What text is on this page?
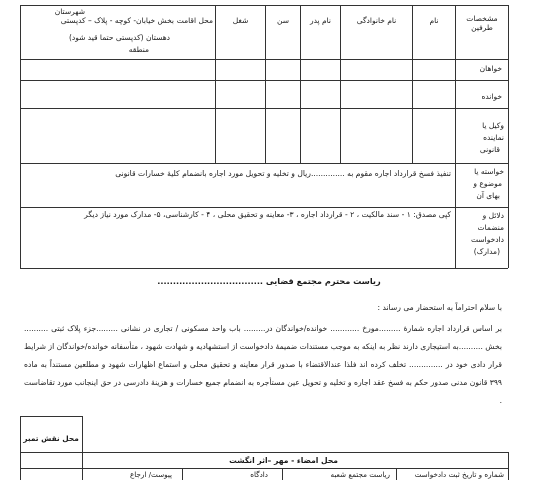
مشخصات طرفین
نام
نام خانوادگی
نام پدر
سن
شغل
محل اقامت
شهرستان
بخش خیابان- کوچه - پلاک – کدپستی
دهستان (کدپستی حتما قید شود)
منطقه
خواهان
خوانده
وکیل یا
نماینده
قانونی
خواسته یا
موضوع و
بهای آن
تنفیذ فسخ قرارداد اجاره مقوم به ..............ریال و تخلیه و تحویل مورد اجاره بانضمام کلیهٔ خسارات قانونی
دلائل و
منضمات
دادخواست
(مدارک)
کپی مصدق: ۱ - سند مالکیت ، ۲ - قرارداد اجاره ، ۳- معاینه و تحقیق محلی ، ۴ - کارشناسی، ۵- مدارک مورد نیاز دیگر
ریاست محترم مجتمع قضایی ..................................
با سلام احتراماً به استحضار می رساند :
بر اساس قرارداد اجاره شمارهٔ .........مورخ ............ خوانده/خواندگان در......... باب واحد مسکونی / تجاری در نشانی .........جزء پلاک ثبتی .......... بخش ..........به استیجاری دارند نظر به اینکه به موجب مستندات ضمیمهٔ دادخواست از استشهادیه و شهادت شهود ، متأسفانه خوانده/خواندگان از شرایط قرار دادی خود در .............. تخلف کرده اند فلذا عندالاقتضاء با صدور قرار معاینه و تحقیق محلی و استماع اظهارات شهود و مطلعین مستنداً به ماده ۳۹۹ قانون مدنی صدور حکم به فسخ عقد اجاره و تخلیه و تحویل عین مستأجره به انضمام جمیع خسارات و هزینهٔ دادرسی در حق اینجانب مورد تقاضاست .
محل نقش تمبر
محل امضاء - مهر –اثر انگشت
شماره و تاریخ ثبت دادخواست
ریاست مجتمع شعبه
دادگاه
پیوست/ ارجاع
